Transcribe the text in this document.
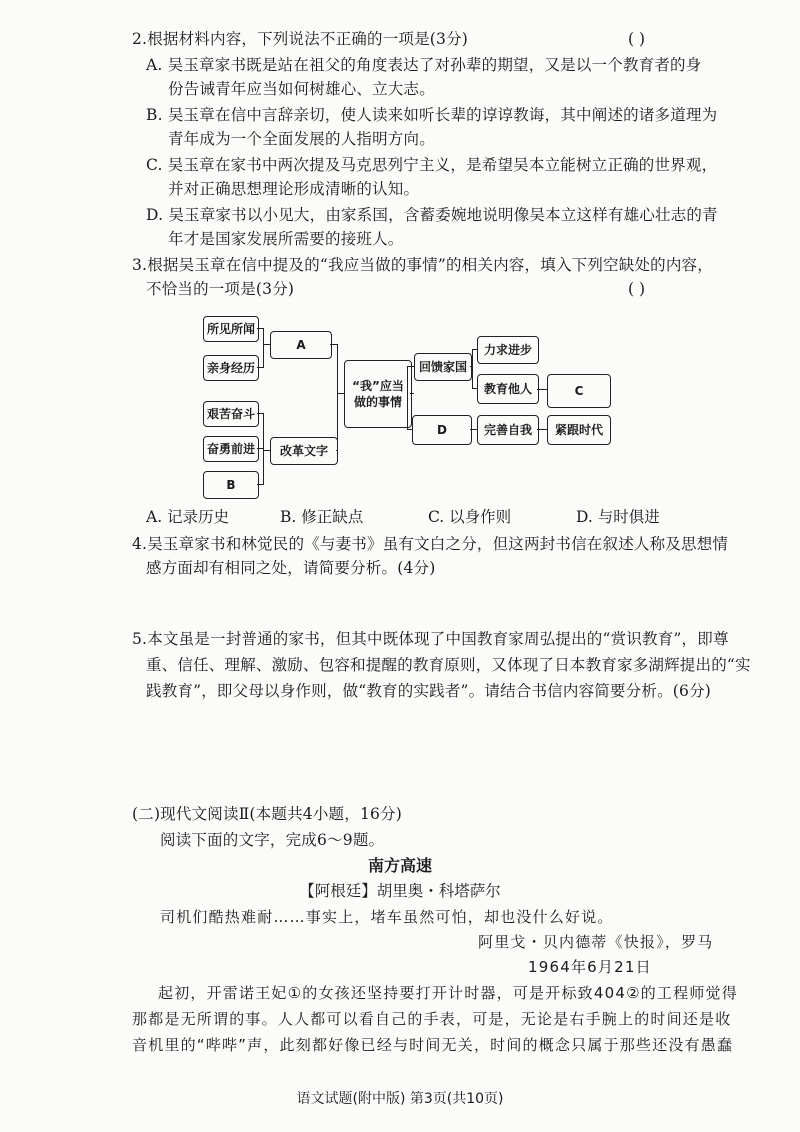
2.根据材料内容，下列说法不正确的一项是(3分)	( )
A. 吴玉章家书既是站在祖父的角度表达了对孙辈的期望，又是以一个教育者的身
份告诫青年应当如何树雄心、立大志。
B. 吴玉章在信中言辞亲切，使人读来如听长辈的谆谆教诲，其中阐述的诸多道理为
青年成为一个全面发展的人指明方向。
C. 吴玉章在家书中两次提及马克思列宁主义，是希望吴本立能树立正确的世界观，
并对正确思想理论形成清晰的认知。
D. 吴玉章家书以小见大，由家系国，含蓄委婉地说明像吴本立这样有雄心壮志的青
年才是国家发展所需要的接班人。
3.根据吴玉章在信中提及的“我应当做的事情”的相关内容，填入下列空缺处的内容，
不恰当的一项是(3分)	( )
所见所闻
亲身经历
A
艰苦奋斗
奋勇前进
B
改革文字
“我”应当
做的事情
回馈家国
D
力求进步
教育他人	C
完善自我	紧跟时代
A. 记录历史	B. 修正缺点	C. 以身作则	D. 与时俱进
4.吴玉章家书和林觉民的《与妻书》虽有文白之分，但这两封书信在叙述人称及思想情
感方面却有相同之处，请简要分析。(4分)
5.本文虽是一封普通的家书，但其中既体现了中国教育家周弘提出的“赏识教育”，即尊
重、信任、理解、激励、包容和提醒的教育原则，又体现了日本教育家多湖辉提出的“实
践教育”，即父母以身作则，做“教育的实践者”。请结合书信内容简要分析。(6分)
(二)现代文阅读Ⅱ(本题共4小题，16分)
阅读下面的文字，完成6～9题。
南方高速
【阿根廷】胡里奥・科塔萨尔
司机们酷热难耐……事实上，堵车虽然可怕，却也没什么好说。
阿里戈・贝内德蒂《快报》，罗马
1964年6月21日
起初，开雷诺王妃①的女孩还坚持要打开计时器，可是开标致404②的工程师觉得
那都是无所谓的事。人人都可以看自己的手表，可是，无论是右手腕上的时间还是收
音机里的“哔哔”声，此刻都好像已经与时间无关，时间的概念只属于那些还没有愚蠢
语文试题(附中版) 第3页(共10页)
